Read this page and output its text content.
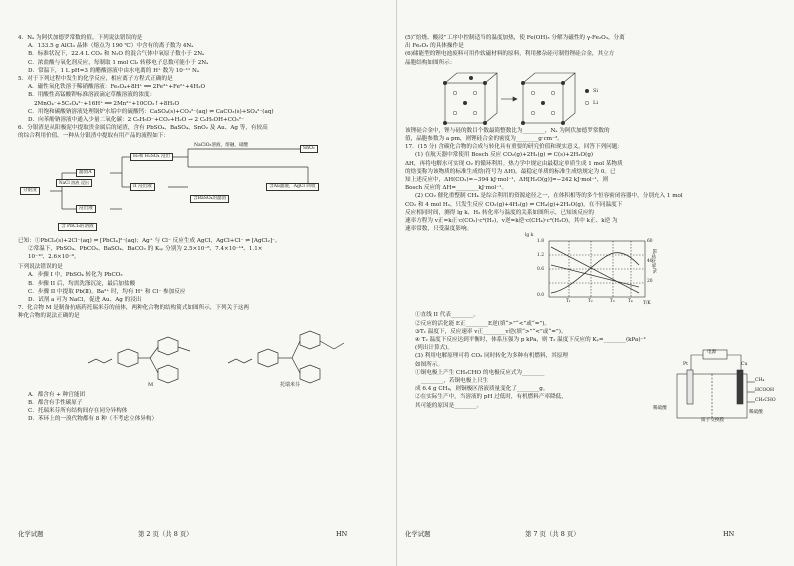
4．Nₐ 为阿伏加德罗常数的值。下列说法错误的是

A．133.5 g AlCl₃ 晶体（熔点为 190 ℃）中含有的离子数为 4Nₐ

B．标准状况下，22.4 L CO₂ 和 N₂O 的混合气体中氧原子数小于 2Nₐ

C．浓盐酸与氧化剂反应，每制取 1 mol Cl₂ 转移电子总数可能小于 2Nₐ

D．常温下，1 L pH=3 的醋酸溶液中由水电离的 H⁺ 数为 10⁻¹¹ Nₐ

5．对于下列过程中发生的化学反应，相应离子方程式正确的是

A．磁性氧化铁溶于稀硝酸溶液：Fe₃O₄+8H⁺ ══ 2Fe³⁺+Fe²⁺+4H₂O

B．用酸性高锰酸钾标准溶液滴定草酸溶液的浓度：

2MnO₄⁻+5C₂O₄²⁻+16H⁺ ══ 2Mn²⁺+10CO₂↑+8H₂O

C．用饱和碳酸钠溶液处理锅炉水垢中的硫酸钙：CaSO₄(s)+CO₃²⁻(aq) ⇌ CaCO₃(s)+SO₄²⁻(aq)

D．向苯酚钠溶液中通入少量二氧化碳：2 C₆H₅O⁻+CO₂+H₂O → 2 C₆H₅OH+CO₃²⁻

6．分银渣是从阳极泥中提取贵金属后的尾渣，含有 PbSO₄、BaSO₄、SnO₂ 及 Au、Ag 等，有较高

的综合利用价值。一种从分银渣中提取有用产品的流程如下：

分银渣
NaCl 溶液 浸出
滤渣A
H₂和 H₂SO₄ 浸出
NaClO₃溶液，熔融，硝酸
SnO₂
含Au滤液，AgCl 回收
II 浸出液
含BaSO₄的滤渣
浸出液
含 PbCl₂的溶液

已知：①PbCl₂(s)+2Cl⁻(aq) ⇌ [PbCl₄]²⁻(aq)；Ag⁺ 与 Cl⁻ 反应生成 AgCl，AgCl+Cl⁻ ⇌ [AgCl₂]⁻。

②常温下，PbSO₄、PbCO₃、BaSO₄、BaCO₃ 的 Kₛₚ 分别为 2.5×10⁻⁸、7.4×10⁻¹⁴、1.1×

10⁻¹⁰、2.6×10⁻⁹。

下列说法错误的是

A．步骤 I 中，PbSO₄ 转化为 PbCO₃

B．步骤 II 后，均需洗涤沉淀，最后加盐酸

C．步骤 II 中提取 Pb(Ⅱ)，Ba²⁺ 时，均有 H⁺ 和 Cl⁻ 参加反应

D．试剂 a 可为 NaCl，促进 Au、Ag 的浸出

7．化合物 M 是制备抗癌药托瑞米芬的前体，两种化合物的结构简式如图所示，下列关于这两

种化合物的说法正确的是

M	托瑞米芬

A．都含有 + 种官能团

B．都含有手性碳原子

C．托瑞米芬所有结构间存在同分异构体

D．苯环上的一溴代物都有 8 种（不考虑立体异构）

化学试题	第 2 页（共 8 页）	HN

(5)“焙烧、酸浸”工序中控制适当的温度加热，使 Fe(OH)₃ 分解为磁性的 γ-Fe₂O₃，分离

出 Fe₂O₃ 的具体操作是

(6)储能型的锂电池废料可用作软磁材料的原料，利用掺杂硅可制得锂硅合金，其立方

晶胞结构如图所示：

Si
Li

该锂硅合金中，锂与硅的数目个数最简整数比为________，Nₐ 为阿伏加德罗常数的

值，晶胞参数为 a pm，则锂硅合金的密度为________g·cm⁻³。

17．(15 分) 含碳化合物的合成与转化具有重要的研究价值和现实意义。回答下列问题：

(1) 在航天器中常使用 Bosch 反应 CO₂(g)+2H₂(g) ⇌ C(s)+2H₂O(g)

ΔH，再将电解水可实现 O₂ 的循环利用。热力学中规定由最稳定单质生成 1 mol 某物质

的焓变称为该物质的标准生成焓(符号为 ΔH)，最稳定单质的标准生成焓规定为 0。已

知上述反应中，ΔH(CO₂)=−394 kJ·mol⁻¹，ΔH[H₂O(g)]=−242 kJ·mol⁻¹，则

Bosch 反应的 ΔH=________kJ·mol⁻¹。

(2) CO₂ 催化重整制 CH₄ 是综合利用的资源途径之一，在体积相等的多个恒容密闭容器中，分别充入 1 mol

CO₂ 和 4 mol H₂，只发生反应 CO₂(g)+4H₂(g) ⇌ CH₄(g)+2H₂O(g)，在不同温度下

反应相同时间，测得 lg k、H₂ 转化率与温度的关系如图所示，已知该反应的

速率方程为 v正=k正·c(CO₂)·c⁴(H₂)，v逆=k逆·c(CH₄)·c²(H₂O)，其中 k正、k逆 为

速率常数，只受温度影响。

1.8
1.2
0.6
0.0
60
40
20
T₁	T₂	T₃	T₄ T/K
lg k
H₂转化率/%

①直线 II 代表________。

②反应的活化能 E正________E逆(填“>”“<”或“=”)。

③T₁ 温度下，反应速率 v正________v逆(填“>”“<”或“=”)。

④ T₂ 温度下反应达到平衡时，体系压强为 p kPa，则 T₂ 温度下反应的 Kₚ=________(kPa)⁻²

(列出计算式)。

(3) 利用电解原理可将 CO₂ 同时转化为多种有机燃料，其原理

如图所示。

①铜电极上产生 CH₃CHO 的电极反应式为________

________，若铜电极上只生

成 6.4 g CH₄，则铜极区溶液质量变化了________g。

②在实际生产中，当溶液的 pH 过低时，有机燃料产率降低，

其可能的原因是________。

电源
Pt	Cu
CH₄
HCOOH
CH₃CHO
稀硫酸
质子交换膜
稀硫酸
化学试题	第 7 页（共 8 页）	HN
